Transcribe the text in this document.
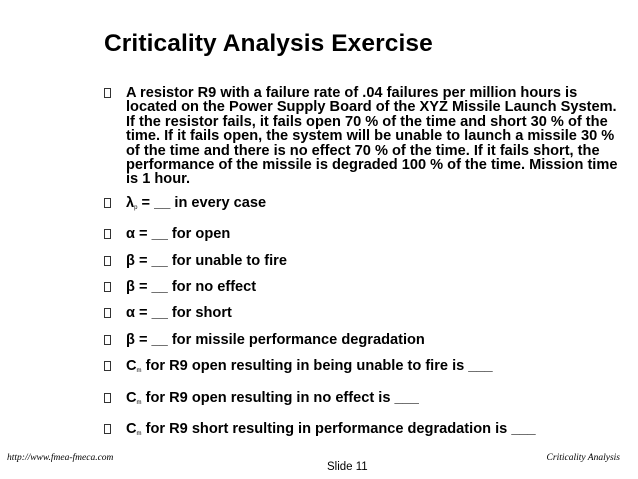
Criticality Analysis Exercise
A resistor R9 with a failure rate of .04 failures per million hours is located on the Power Supply Board of the XYZ Missile Launch System. If the resistor fails, it fails open 70 % of the time and short 30 % of the time. If it fails open, the system will be unable to launch a missile 30 % of the time and there is no effect 70 % of the time. If it fails short, the performance of the missile is degraded 100 % of the time. Mission time is 1 hour.
$\lambda_p$ = __ in every case
α = __ for open
β = __ for unable to fire
β = __ for no effect
α = __ for short
β = __ for missile performance degradation
$C_m$ for R9 open resulting in being unable to fire is ___
$C_m$ for R9 open resulting in no effect is ___
$C_m$ for R9 short resulting in performance degradation is ___
http://www.fmea-fmeca.com
Slide 11
Criticality Analysis
